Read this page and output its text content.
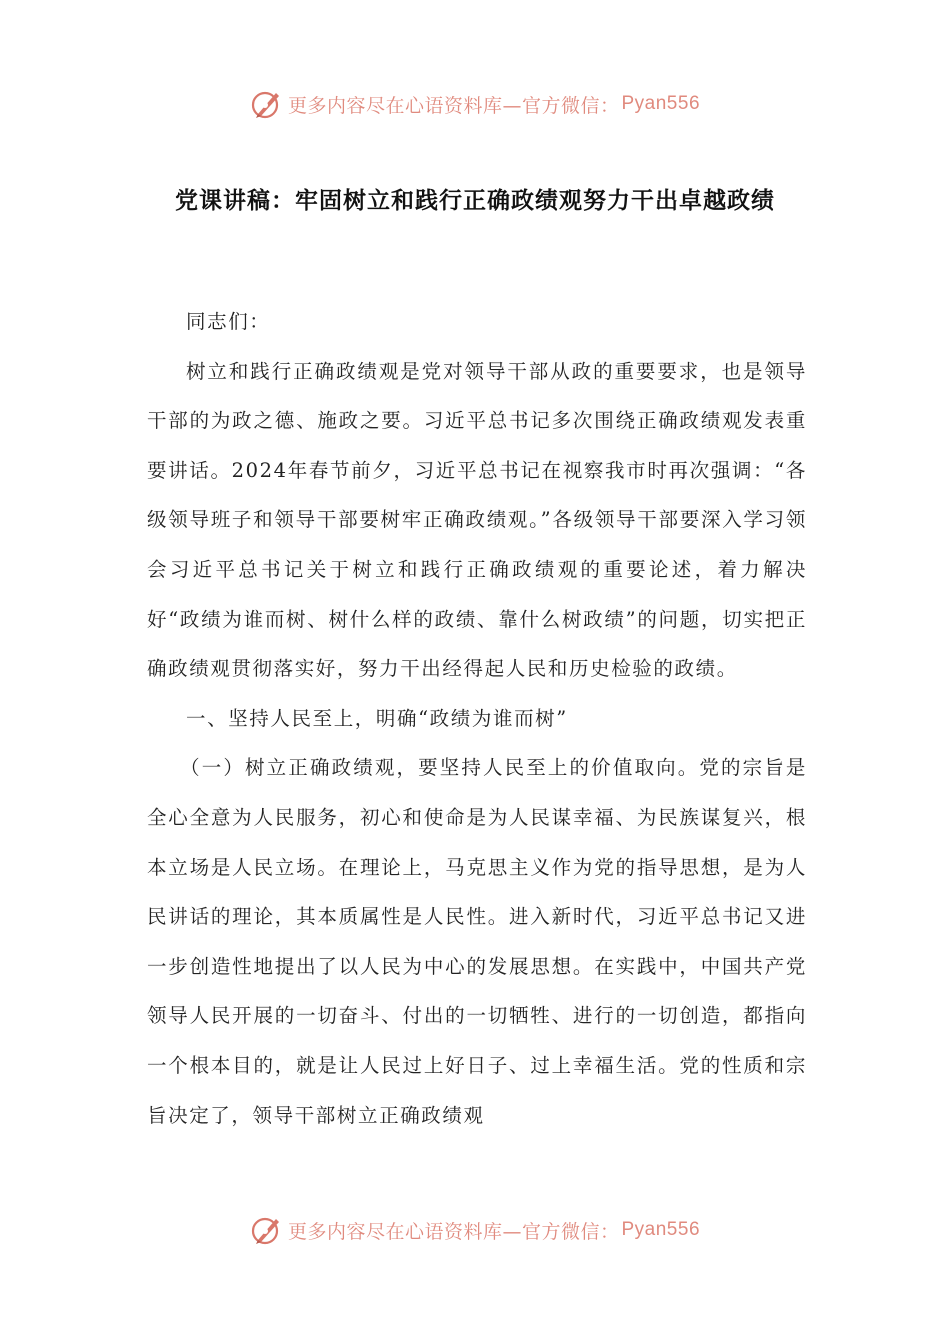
更多内容尽在心语资料库 —官方微信： Pyan556
党课讲稿：牢固树立和践行正确政绩观努力干出卓越政绩

同志们：

树立和践行正确政绩观是党对领导干部从政的重要要求，也是领导干部的为政之德、施政之要。习近平总书记多次围绕正确政绩观发表重要讲话。2024年春节前夕，习近平总书记在视察我市时再次强调：“各级领导班子和领导干部要树牢正确政绩观。”各级领导干部要深入学习领会习近平总书记关于树立和践行正确政绩观的重要论述，着力解决好“政绩为谁而树、树什么样的政绩、靠什么树政绩”的问题，切实把正确政绩观贯彻落实好，努力干出经得起人民和历史检验的政绩。

一、坚持人民至上，明确“政绩为谁而树”

（一）树立正确政绩观，要坚持人民至上的价值取向。党的宗旨是全心全意为人民服务，初心和使命是为人民谋幸福、为民族谋复兴，根本立场是人民立场。在理论上，马克思主义作为党的指导思想，是为人民讲话的理论，其本质属性是人民性。进入新时代，习近平总书记又进一步创造性地提出了以人民为中心的发展思想。在实践中，中国共产党领导人民开展的一切奋斗、付出的一切牺牲、进行的一切创造，都指向一个根本目的，就是让人民过上好日子、过上幸福生活。党的性质和宗旨决定了，领导干部树立正确政绩观

更多内容尽在心语资料库 —官方微信： Pyan556
